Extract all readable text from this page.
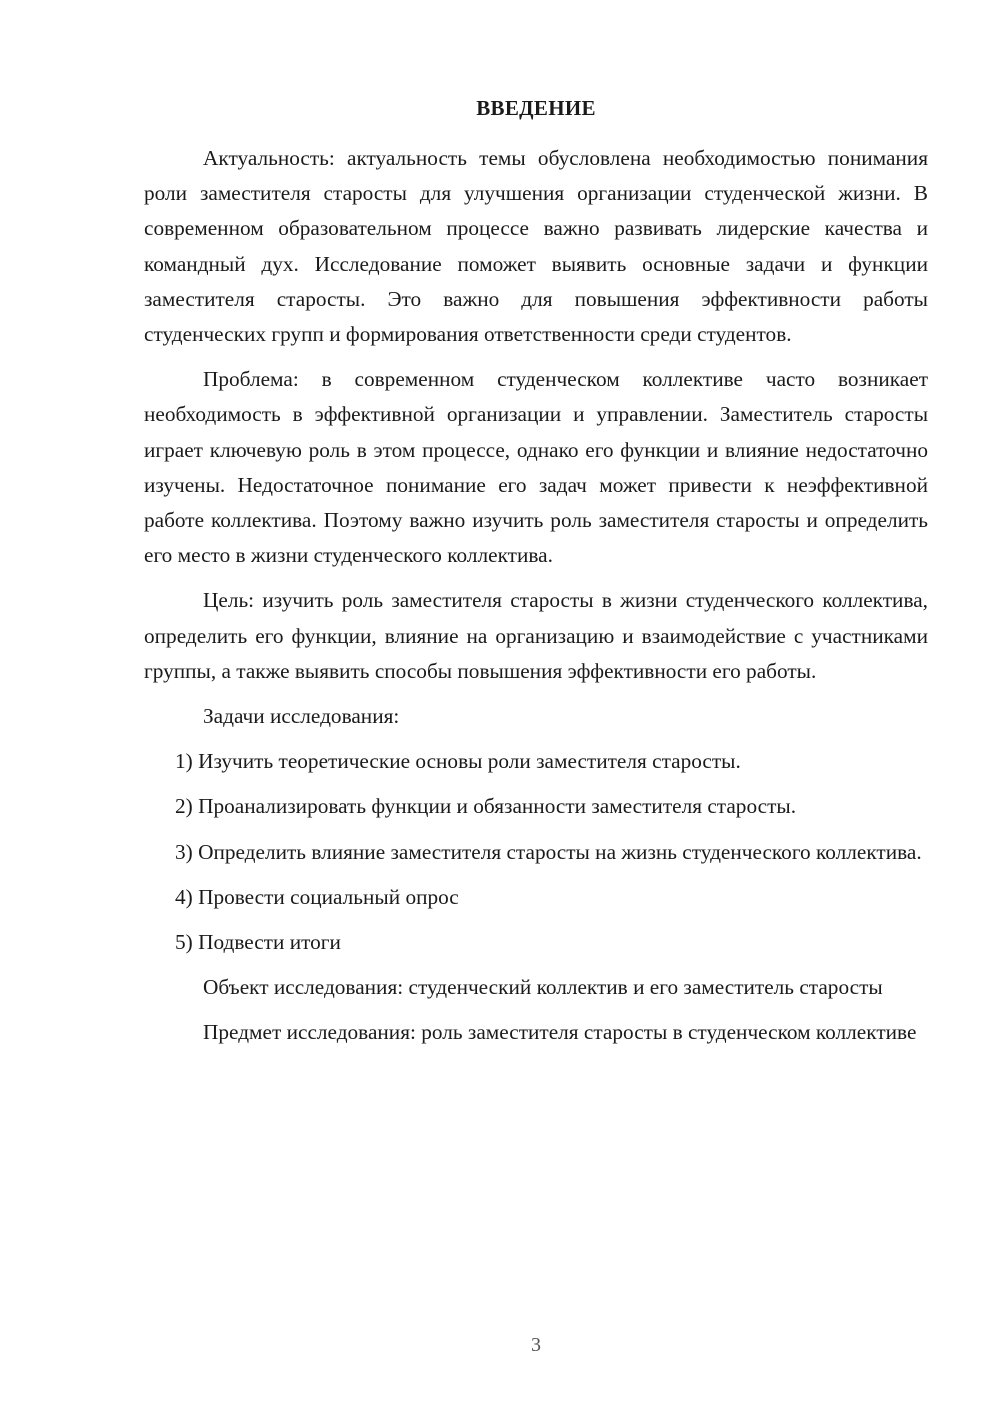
ВВЕДЕНИЕ

Актуальность: актуальность темы обусловлена необходимостью понимания роли заместителя старосты для улучшения организации студенческой жизни. В современном образовательном процессе важно развивать лидерские качества и командный дух. Исследование поможет выявить основные задачи и функции заместителя старосты. Это важно для повышения эффективности работы студенческих групп и формирования ответственности среди студентов.

Проблема: в современном студенческом коллективе часто возникает необходимость в эффективной организации и управлении. Заместитель старосты играет ключевую роль в этом процессе, однако его функции и влияние недостаточно изучены. Недостаточное понимание его задач может привести к неэффективной работе коллектива. Поэтому важно изучить роль заместителя старосты и определить его место в жизни студенческого коллектива.

Цель: изучить роль заместителя старосты в жизни студенческого коллектива, определить его функции, влияние на организацию и взаимодействие с участниками группы, а также выявить способы повышения эффективности его работы.

Задачи исследования:

1) Изучить теоретические основы роли заместителя старосты.

2) Проанализировать функции и обязанности заместителя старосты.

3) Определить влияние заместителя старосты на жизнь студенческого коллектива.

4) Провести социальный опрос

5) Подвести итоги

Объект исследования: студенческий коллектив и его заместитель старосты

Предмет исследования: роль заместителя старосты в студенческом коллективе

3
